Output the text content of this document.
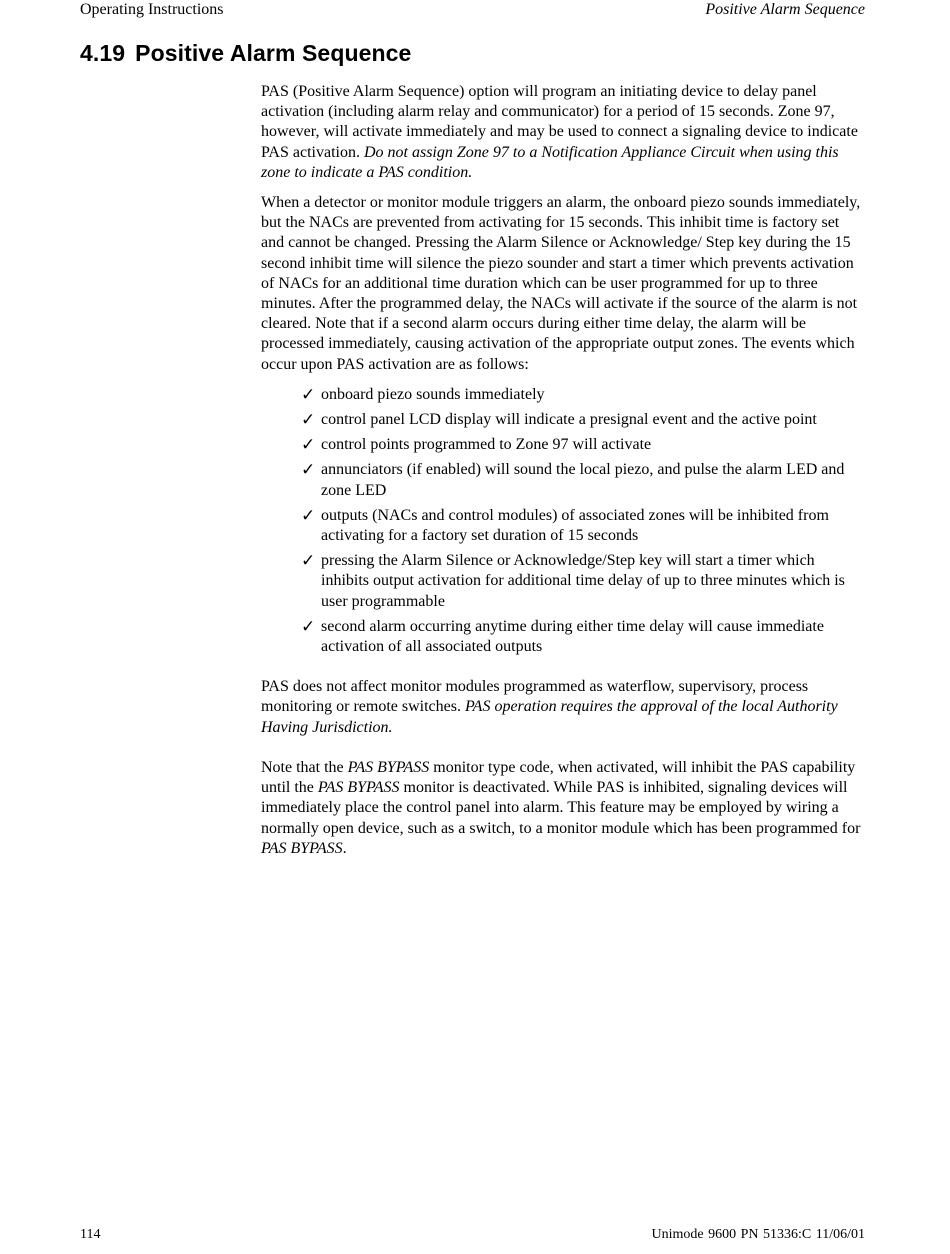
Operating Instructions	Positive Alarm Sequence
4.19 Positive Alarm Sequence

PAS (Positive Alarm Sequence) option will program an initiating device to delay panel activation (including alarm relay and communicator) for a period of 15 seconds. Zone 97, however, will activate immediately and may be used to connect a signaling device to indicate PAS activation. Do not assign Zone 97 to a Notification Appliance Circuit when using this zone to indicate a PAS condition.

When a detector or monitor module triggers an alarm, the onboard piezo sounds immediately, but the NACs are prevented from activating for 15 seconds. This inhibit time is factory set and cannot be changed. Pressing the Alarm Silence or Acknowledge/ Step key during the 15 second inhibit time will silence the piezo sounder and start a timer which prevents activation of NACs for an additional time duration which can be user programmed for up to three minutes. After the programmed delay, the NACs will activate if the source of the alarm is not cleared. Note that if a second alarm occurs during either time delay, the alarm will be processed immediately, causing activation of the appropriate output zones. The events which occur upon PAS activation are as follows:

✓ onboard piezo sounds immediately
✓ control panel LCD display will indicate a presignal event and the active point
✓ control points programmed to Zone 97 will activate
✓ annunciators (if enabled) will sound the local piezo, and pulse the alarm LED and zone LED
✓ outputs (NACs and control modules) of associated zones will be inhibited from activating for a factory set duration of 15 seconds
✓ pressing the Alarm Silence or Acknowledge/Step key will start a timer which inhibits output activation for additional time delay of up to three minutes which is user programmable
✓ second alarm occurring anytime during either time delay will cause immediate activation of all associated outputs

PAS does not affect monitor modules programmed as waterflow, supervisory, process monitoring or remote switches. PAS operation requires the approval of the local Authority Having Jurisdiction.

Note that the PAS BYPASS monitor type code, when activated, will inhibit the PAS capability until the PAS BYPASS monitor is deactivated. While PAS is inhibited, signaling devices will immediately place the control panel into alarm. This feature may be employed by wiring a normally open device, such as a switch, to a monitor module which has been programmed for PAS BYPASS.

114	Unimode 9600 PN 51336:C 11/06/01
